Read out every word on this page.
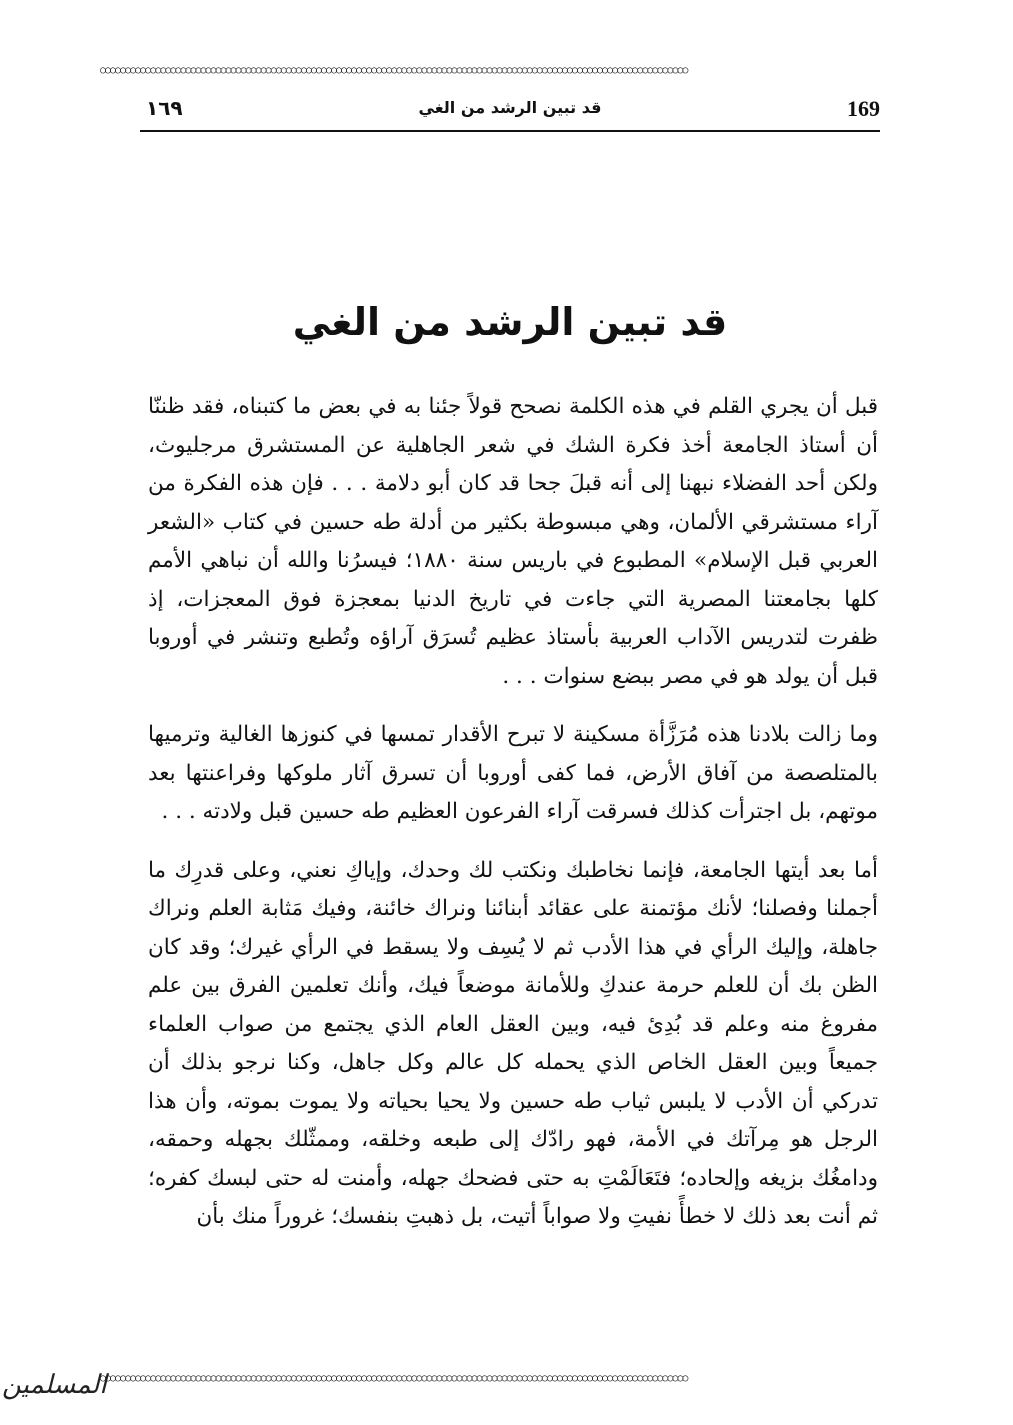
○○○○○○○○○○○○○○○○○○○○○○○○○○○○○○○○○○○○○○○○○○○○○○○○○○○○○○○○○○○○○○○○○○○○○○○○○○○○○○○○○○○○○○○○○○○○○○○○○○○○○○○○○○○○○○○○○○○○○
169
قد تبين الرشد من الغي
١٦٩
قد تبين الرشد من الغي

قبل أن يجري القلم في هذه الكلمة نصحح قولاً جئنا به في بعض ما كتبناه، فقد ظننّا أن أستاذ الجامعة أخذ فكرة الشك في شعر الجاهلية عن المستشرق مرجليوث، ولكن أحد الفضلاء نبهنا إلى أنه قبلَ جحا قد كان أبو دلامة . . . فإن هذه الفكرة من آراء مستشرقي الألمان، وهي مبسوطة بكثير من أدلة طه حسين في كتاب «الشعر العربي قبل الإسلام» المطبوع في باريس سنة ١٨٨٠؛ فيسرُنا والله أن نباهي الأمم كلها بجامعتنا المصرية التي جاءت في تاريخ الدنيا بمعجزة فوق المعجزات، إذ ظفرت لتدريس الآداب العربية بأستاذ عظيم تُسرَق آراؤه وتُطبع وتنشر في أوروبا قبل أن يولد هو في مصر ببضع سنوات . . .

وما زالت بلادنا هذه مُرَزَّأة مسكينة لا تبرح الأقدار تمسها في كنوزها الغالية وترميها بالمتلصصة من آفاق الأرض، فما كفى أوروبا أن تسرق آثار ملوكها وفراعنتها بعد موتهم، بل اجترأت كذلك فسرقت آراء الفرعون العظيم طه حسين قبل ولادته . . .

أما بعد أيتها الجامعة، فإنما نخاطبك ونكتب لك وحدك، وإياكِ نعني، وعلى قدرِك ما أجملنا وفصلنا؛ لأنك مؤتمنة على عقائد أبنائنا ونراك خائنة، وفيك مَثابة العلم ونراك جاهلة، وإليك الرأي في هذا الأدب ثم لا يُسِف ولا يسقط في الرأي غيرك؛ وقد كان الظن بك أن للعلم حرمة عندكِ وللأمانة موضعاً فيك، وأنك تعلمين الفرق بين علم مفروغ منه وعلم قد بُدِئ فيه، وبين العقل العام الذي يجتمع من صواب العلماء جميعاً وبين العقل الخاص الذي يحمله كل عالم وكل جاهل، وكنا نرجو بذلك أن تدركي أن الأدب لا يلبس ثياب طه حسين ولا يحيا بحياته ولا يموت بموته، وأن هذا الرجل هو مِرآتك في الأمة، فهو رادّك إلى طبعه وخلقه، وممثّلك بجهله وحمقه، ودامغُك بزيغه وإلحاده؛ فتَعَالَمْتِ به حتى فضحك جهله، وأمنت له حتى لبسك كفره؛ ثم أنت بعد ذلك لا خطأً نفيتِ ولا صواباً أتيت، بل ذهبتِ بنفسك؛ غروراً منك بأن

○○○○○○○○○○○○○○○○○○○○○○○○○○○○○○○○○○○○○○○○○○○○○○○○○○○○○○○○○○○○○○○○○○○○○○○○○○○○○○○○○○○○○○○○○○○○○○○○○○○○○○○○○○○○○○○○○○○○○
المسلمين
